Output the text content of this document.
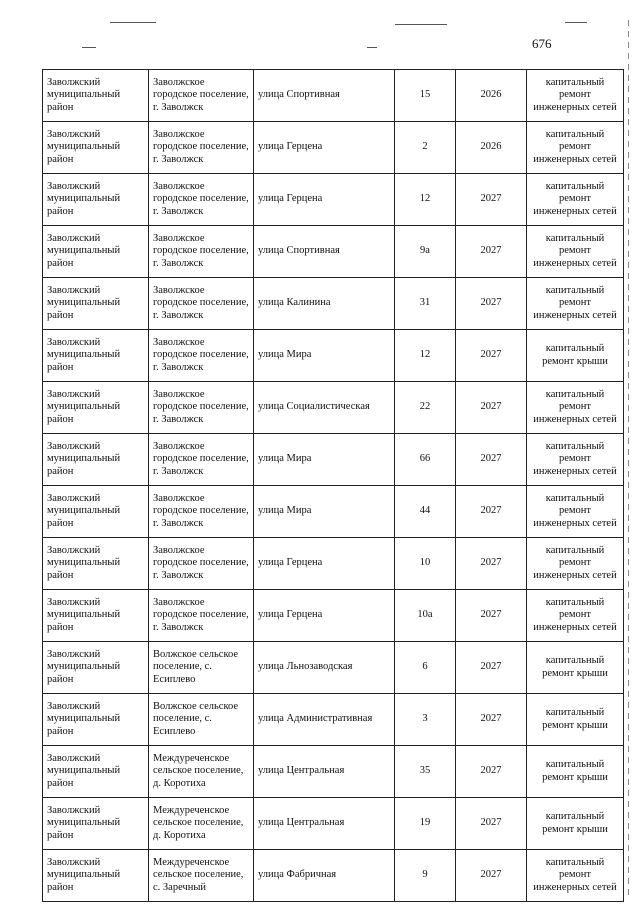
676
Заволжский муниципальный район	Заволжское городское поселение, г. Заволжск	улица Спортивная	15	2026	капитальный ремонт инженерных сетей
Заволжский муниципальный район	Заволжское городское поселение, г. Заволжск	улица Герцена	2	2026	капитальный ремонт инженерных сетей
Заволжский муниципальный район	Заволжское городское поселение, г. Заволжск	улица Герцена	12	2027	капитальный ремонт инженерных сетей
Заволжский муниципальный район	Заволжское городское поселение, г. Заволжск	улица Спортивная	9а	2027	капитальный ремонт инженерных сетей
Заволжский муниципальный район	Заволжское городское поселение, г. Заволжск	улица Калинина	31	2027	капитальный ремонт инженерных сетей
Заволжский муниципальный район	Заволжское городское поселение, г. Заволжск	улица Мира	12	2027	капитальный ремонт крыши
Заволжский муниципальный район	Заволжское городское поселение, г. Заволжск	улица Социалистическая	22	2027	капитальный ремонт инженерных сетей
Заволжский муниципальный район	Заволжское городское поселение, г. Заволжск	улица Мира	66	2027	капитальный ремонт инженерных сетей
Заволжский муниципальный район	Заволжское городское поселение, г. Заволжск	улица Мира	44	2027	капитальный ремонт инженерных сетей
Заволжский муниципальный район	Заволжское городское поселение, г. Заволжск	улица Герцена	10	2027	капитальный ремонт инженерных сетей
Заволжский муниципальный район	Заволжское городское поселение, г. Заволжск	улица Герцена	10а	2027	капитальный ремонт инженерных сетей
Заволжский муниципальный район	Волжское сельское поселение, с. Есиплево	улица Льнозаводская	6	2027	капитальный ремонт крыши
Заволжский муниципальный район	Волжское сельское поселение, с. Есиплево	улица Административная	3	2027	капитальный ремонт крыши
Заволжский муниципальный район	Междуреченское сельское поселение, д. Коротиха	улица Центральная	35	2027	капитальный ремонт крыши
Заволжский муниципальный район	Междуреченское сельское поселение, д. Коротиха	улица Центральная	19	2027	капитальный ремонт крыши
Заволжский муниципальный район	Междуреченское сельское поселение, с. Заречный	улица Фабричная	9	2027	капитальный ремонт инженерных сетей
